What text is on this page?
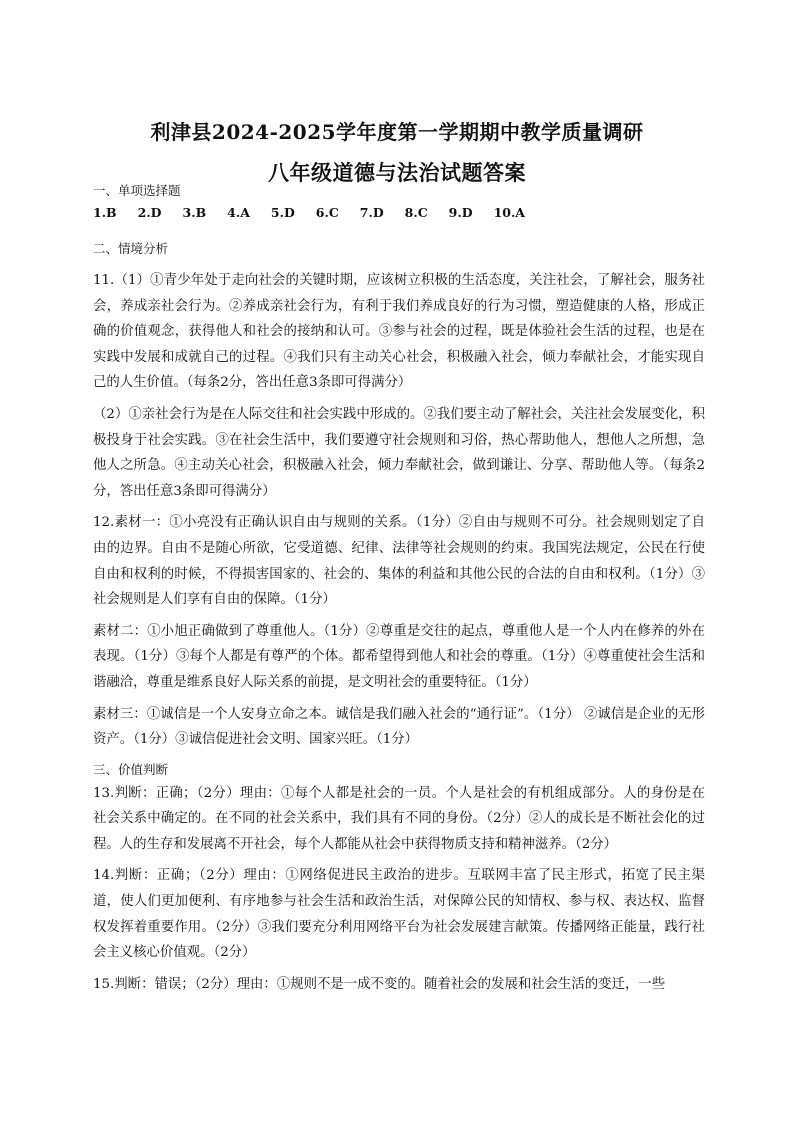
利津县2024-2025学年度第一学期期中教学质量调研
八年级道德与法治试题答案

一、单项选择题

1.B 2.D 3.B 4.A 5.D 6.C 7.D 8.C 9.D 10.A

二、情境分析

11.（1）①青少年处于走向社会的关键时期，应该树立积极的生活态度，关注社会，了解社会，服务社会，养成亲社会行为。②养成亲社会行为，有利于我们养成良好的行为习惯，塑造健康的人格，形成正确的价值观念，获得他人和社会的接纳和认可。③参与社会的过程，既是体验社会生活的过程，也是在实践中发展和成就自己的过程。④我们只有主动关心社会，积极融入社会，倾力奉献社会，才能实现自己的人生价值。（每条2分，答出任意3条即可得满分）

（2）①亲社会行为是在人际交往和社会实践中形成的。②我们要主动了解社会，关注社会发展变化，积极投身于社会实践。③在社会生活中，我们要遵守社会规则和习俗，热心帮助他人，想他人之所想，急他人之所急。④主动关心社会，积极融入社会，倾力奉献社会，做到谦让、分享、帮助他人等。（每条2分，答出任意3条即可得满分）

12.素材一：①小亮没有正确认识自由与规则的关系。（1分）②自由与规则不可分。社会规则划定了自由的边界。自由不是随心所欲，它受道德、纪律、法律等社会规则的约束。我国宪法规定，公民在行使自由和权利的时候，不得损害国家的、社会的、集体的利益和其他公民的合法的自由和权利。（1分）③社会规则是人们享有自由的保障。（1分）

素材二：①小旭正确做到了尊重他人。（1分）②尊重是交往的起点，尊重他人是一个人内在修养的外在表现。（1分）③每个人都是有尊严的个体。都希望得到他人和社会的尊重。（1分）④尊重使社会生活和谐融洽，尊重是维系良好人际关系的前提，是文明社会的重要特征。（1分）

素材三：①诚信是一个人安身立命之本。诚信是我们融入社会的“通行证”。（1分） ②诚信是企业的无形资产。（1分）③诚信促进社会文明、国家兴旺。（1分）

三、价值判断

13.判断：正确；（2分）理由：①每个人都是社会的一员。个人是社会的有机组成部分。人的身份是在社会关系中确定的。在不同的社会关系中，我们具有不同的身份。（2分）②人的成长是不断社会化的过程。人的生存和发展离不开社会，每个人都能从社会中获得物质支持和精神滋养。（2分）

14.判断：正确；（2分）理由：①网络促进民主政治的进步。互联网丰富了民主形式，拓宽了民主渠道，使人们更加便利、有序地参与社会生活和政治生活，对保障公民的知情权、参与权、表达权、监督权发挥着重要作用。（2分）③我们要充分利用网络平台为社会发展建言献策。传播网络正能量，践行社会主义核心价值观。（2分）

15.判断：错误；（2分）理由：①规则不是一成不变的。随着社会的发展和社会生活的变迁，一些
